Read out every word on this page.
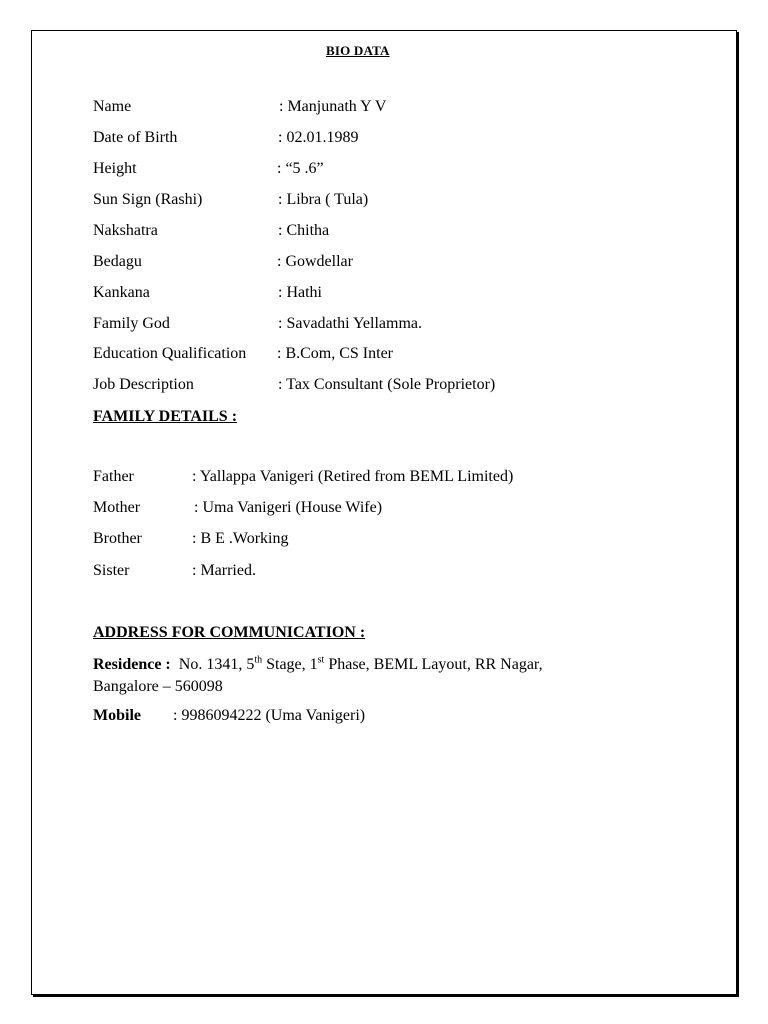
BIO DATA
Name	: Manjunath Y V
Date of Birth	: 02.01.1989
Height	: “5 .6”
Sun Sign (Rashi)	: Libra ( Tula)
Nakshatra	: Chitha
Bedagu	: Gowdellar
Kankana	: Hathi
Family God	: Savadathi Yellamma.
Education Qualification : B.Com, CS Inter
Job Description	: Tax Consultant (Sole Proprietor)
FAMILY DETAILS :
Father	: Yallappa Vanigeri (Retired from BEML Limited)
Mother	: Uma Vanigeri (House Wife)
Brother	: B E .Working
Sister	: Married.
ADDRESS FOR COMMUNICATION :
Residence : No. 1341, 5th Stage, 1st Phase, BEML Layout, RR Nagar,
Bangalore – 560098
Mobile : 9986094222 (Uma Vanigeri)
